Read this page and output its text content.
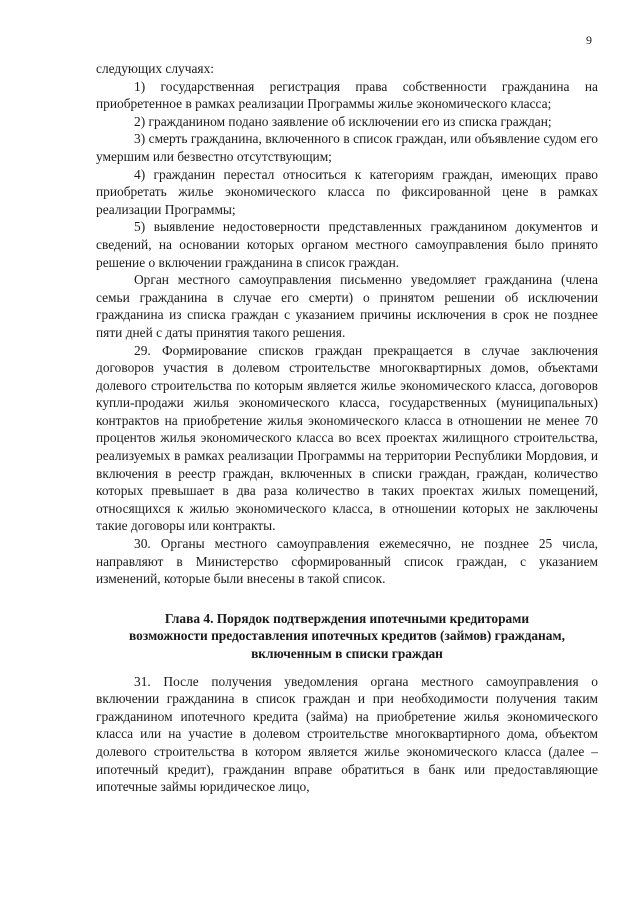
9

следующих случаях:

1) государственная регистрация права собственности гражданина на приобретенное в рамках реализации Программы жилье экономического класса;

2) гражданином подано заявление об исключении его из списка граждан;

3) смерть гражданина, включенного в список граждан, или объявление судом его умершим или безвестно отсутствующим;

4) гражданин перестал относиться к категориям граждан, имеющих право приобретать жилье экономического класса по фиксированной цене в рамках реализации Программы;

5) выявление недостоверности представленных гражданином документов и сведений, на основании которых органом местного самоуправления было принято решение о включении гражданина в список граждан.

Орган местного самоуправления письменно уведомляет гражданина (члена семьи гражданина в случае его смерти) о принятом решении об исключении гражданина из списка граждан с указанием причины исключения в срок не позднее пяти дней с даты принятия такого решения.

29. Формирование списков граждан прекращается в случае заключения договоров участия в долевом строительстве многоквартирных домов, объектами долевого строительства по которым является жилье экономического класса, договоров купли-продажи жилья экономического класса, государственных (муниципальных) контрактов на приобретение жилья экономического класса в отношении не менее 70 процентов жилья экономического класса во всех проектах жилищного строительства, реализуемых в рамках реализации Программы на территории Республики Мордовия, и включения в реестр граждан, включенных в списки граждан, граждан, количество которых превышает в два раза количество в таких проектах жилых помещений, относящихся к жилью экономического класса, в отношении которых не заключены такие договоры или контракты.

30. Органы местного самоуправления ежемесячно, не позднее 25 числа, направляют в Министерство сформированный список граждан, с указанием изменений, которые были внесены в такой список.

Глава 4. Порядок подтверждения ипотечными кредиторами
возможности предоставления ипотечных кредитов (займов) гражданам,
включенным в списки граждан

31. После получения уведомления органа местного самоуправления о включении гражданина в список граждан и при необходимости получения таким гражданином ипотечного кредита (займа) на приобретение жилья экономического класса или на участие в долевом строительстве многоквартирного дома, объектом долевого строительства в котором является жилье экономического класса (далее – ипотечный кредит), гражданин вправе обратиться в банк или предоставляющие ипотечные займы юридическое лицо,
